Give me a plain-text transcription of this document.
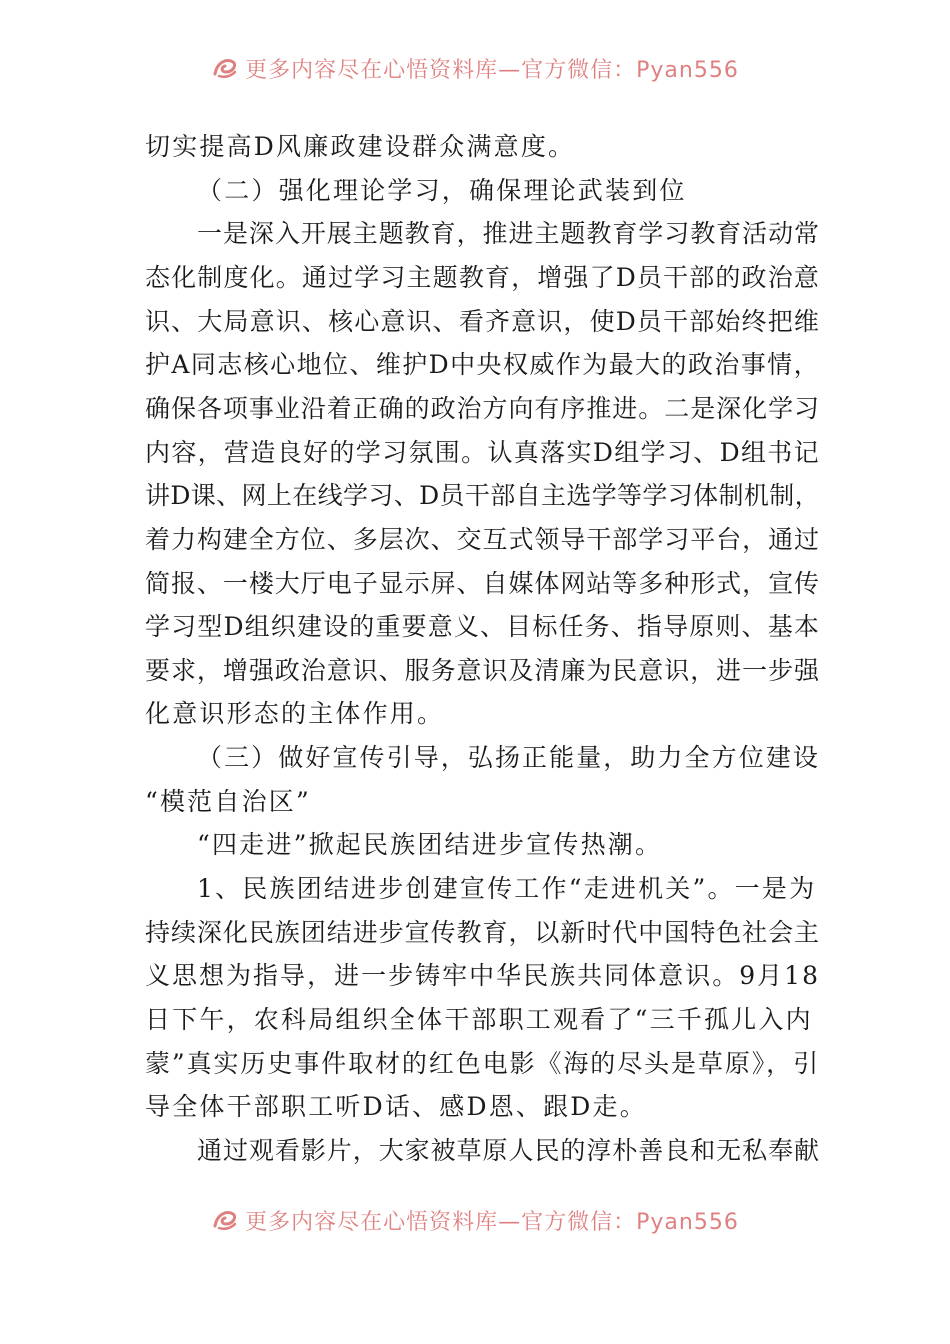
更多内容尽在心悟资料库—官方微信：Pyan556
切实提高D风廉政建设群众满意度。
（二）强化理论学习，确保理论武装到位
一是深入开展主题教育，推进主题教育学习教育活动常
态化制度化。通过学习主题教育，增强了D员干部的政治意
识、大局意识、核心意识、看齐意识，使D员干部始终把维
护A同志核心地位、维护D中央权威作为最大的政治事情，
确保各项事业沿着正确的政治方向有序推进。二是深化学习
内容，营造良好的学习氛围。认真落实D组学习、D组书记
讲D课、网上在线学习、D员干部自主选学等学习体制机制，
着力构建全方位、多层次、交互式领导干部学习平台，通过
简报、一楼大厅电子显示屏、自媒体网站等多种形式，宣传
学习型D组织建设的重要意义、目标任务、指导原则、基本
要求，增强政治意识、服务意识及清廉为民意识，进一步强
化意识形态的主体作用。
（三）做好宣传引导，弘扬正能量，助力全方位建设
“模范自治区”
“四走进”掀起民族团结进步宣传热潮。
1、民族团结进步创建宣传工作“走进机关”。一是为
持续深化民族团结进步宣传教育，以新时代中国特色社会主
义思想为指导，进一步铸牢中华民族共同体意识。9月18
日下午，农科局组织全体干部职工观看了“三千孤儿入内
蒙”真实历史事件取材的红色电影《海的尽头是草原》，引
导全体干部职工听D话、感D恩、跟D走。
通过观看影片，大家被草原人民的淳朴善良和无私奉献
更多内容尽在心悟资料库—官方微信：Pyan556
